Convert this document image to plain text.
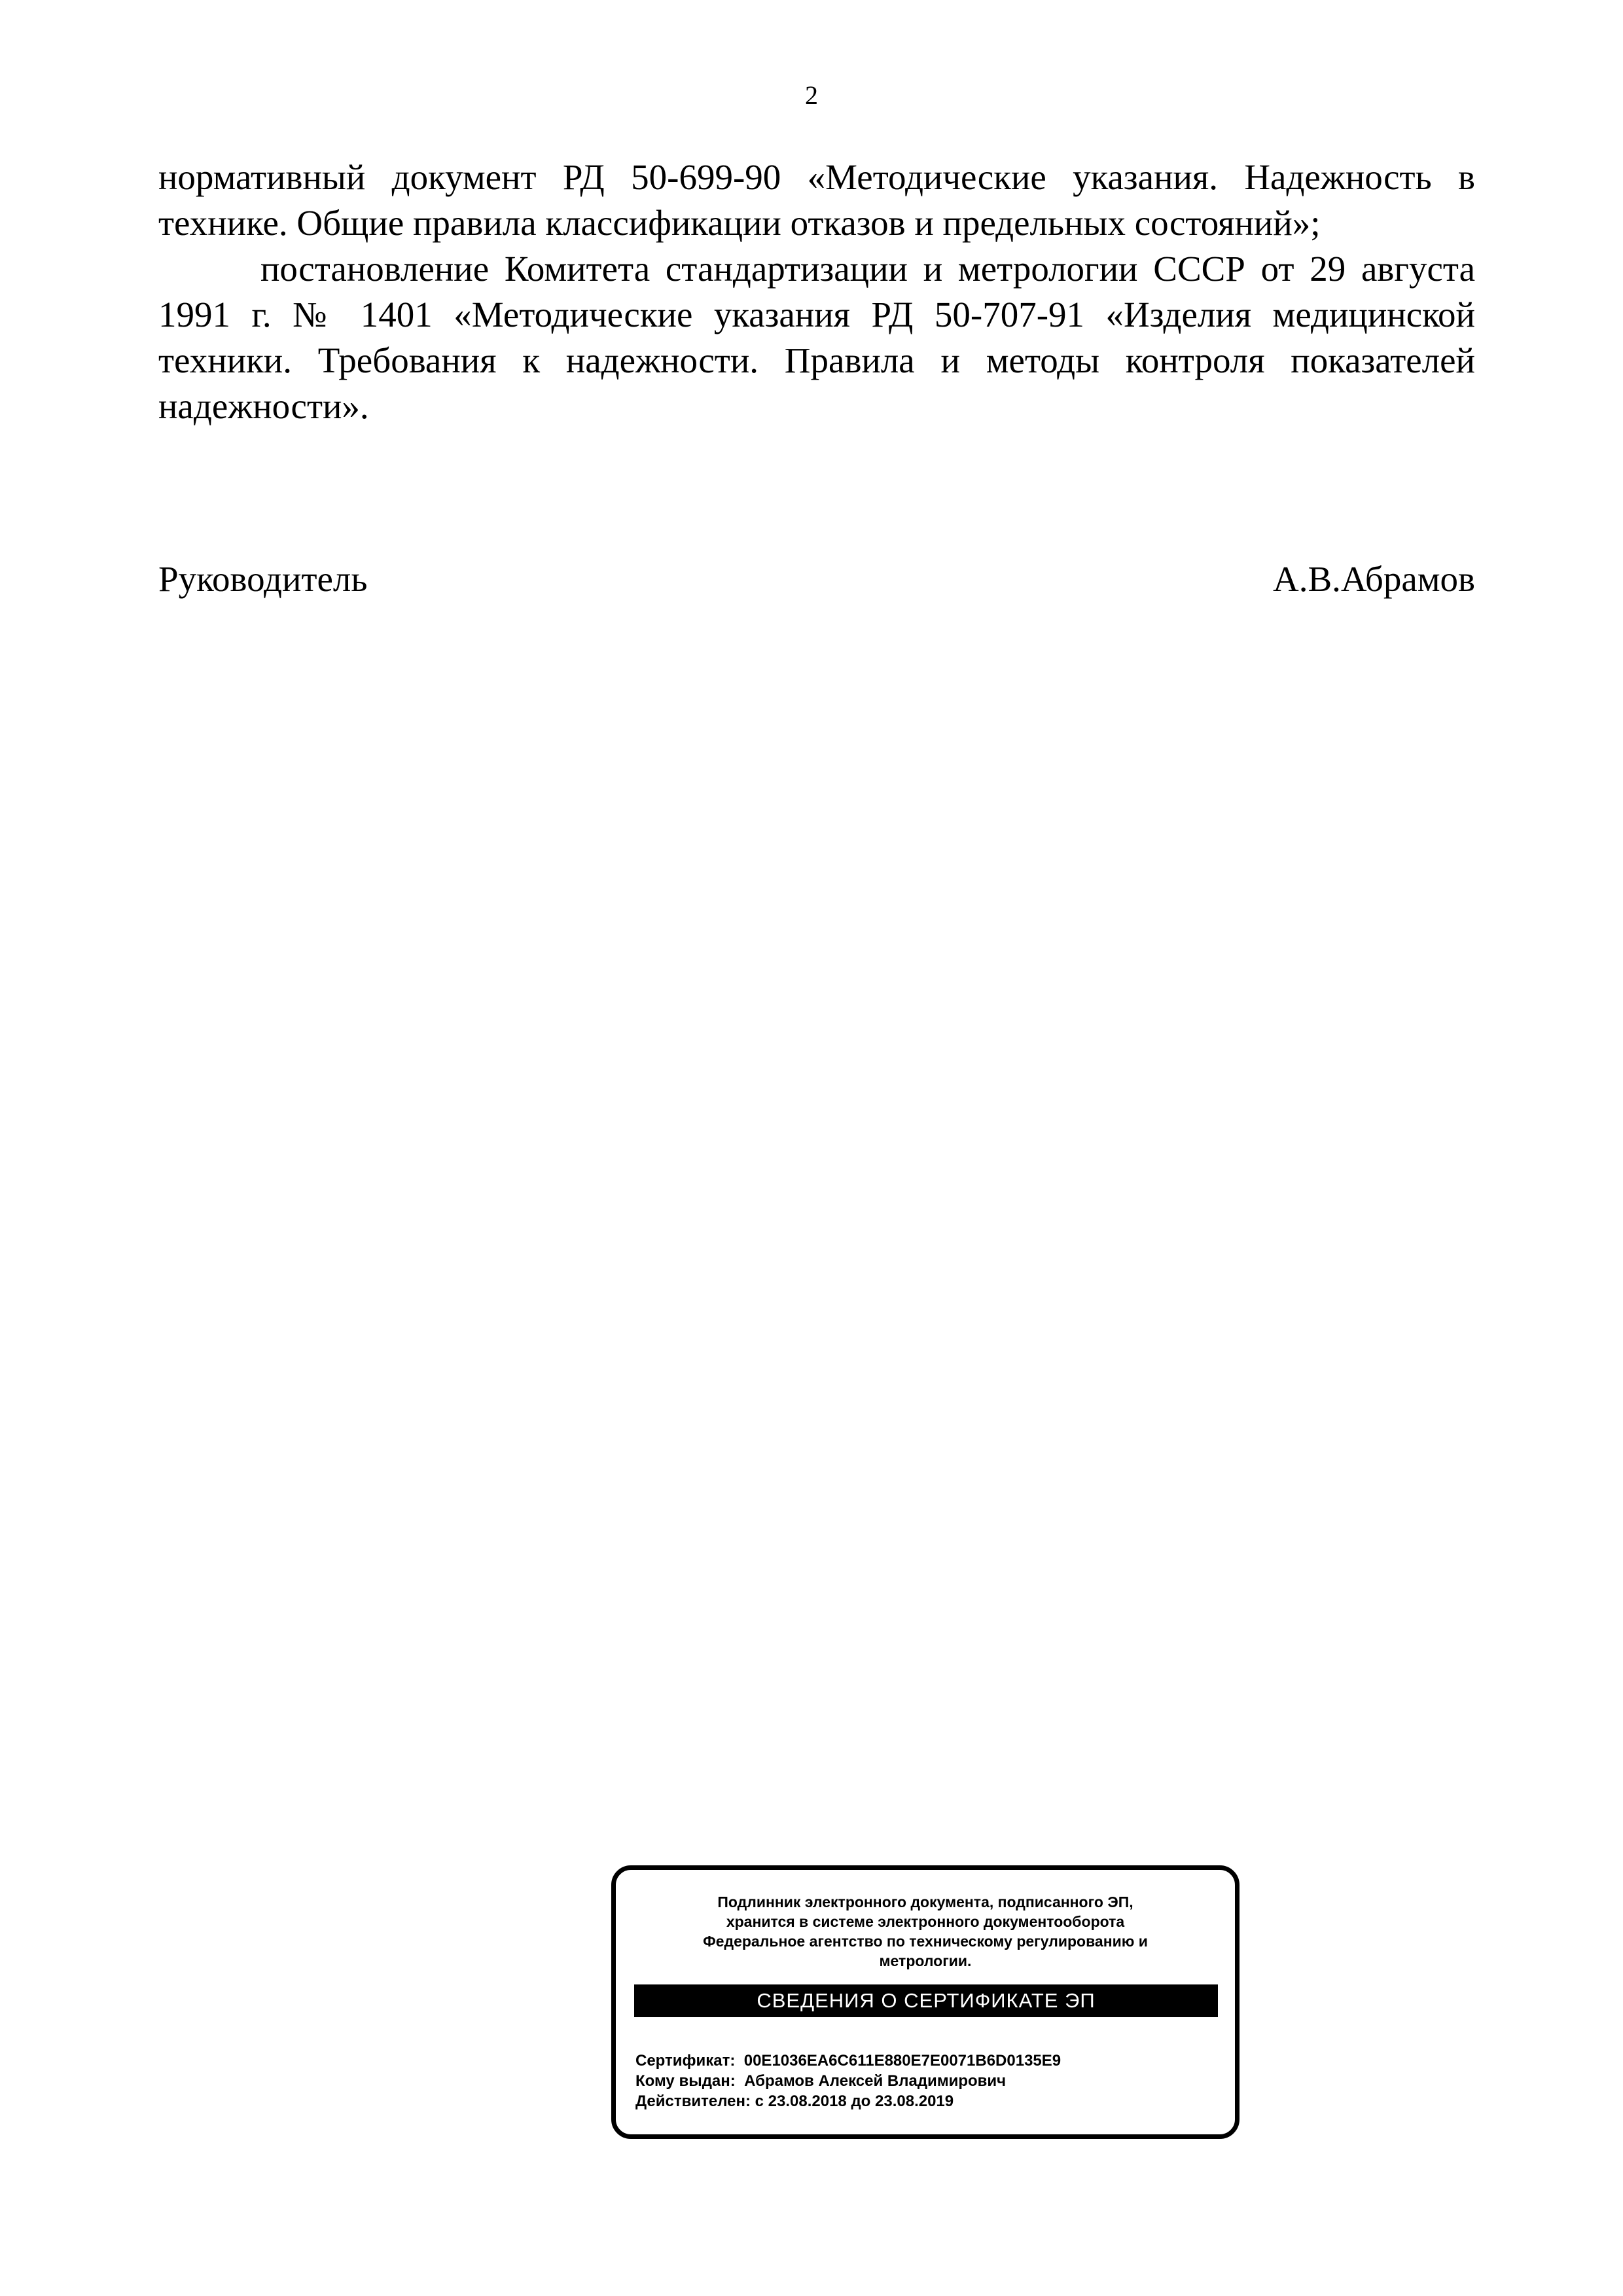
2

нормативный документ РД 50-699-90 «Методические указания. Надежность в технике. Общие правила классификации отказов и предельных состояний»;

постановление Комитета стандартизации и метрологии СССР от 29 августа 1991 г. № 1401 «Методические указания РД 50-707-91 «Изделия медицинской техники. Требования к надежности. Правила и методы контроля показателей надежности».

Руководитель	А.В.Абрамов
Подлинник электронного документа, подписанного ЭП,
хранится в системе электронного документооборота
Федеральное агентство по техническому регулированию и
метрологии.
СВЕДЕНИЯ О СЕРТИФИКАТЕ ЭП
Сертификат: 00E1036EA6C611E880E7E0071B6D0135E9
Кому выдан: Абрамов Алексей Владимирович
Действителен: с 23.08.2018 до 23.08.2019
